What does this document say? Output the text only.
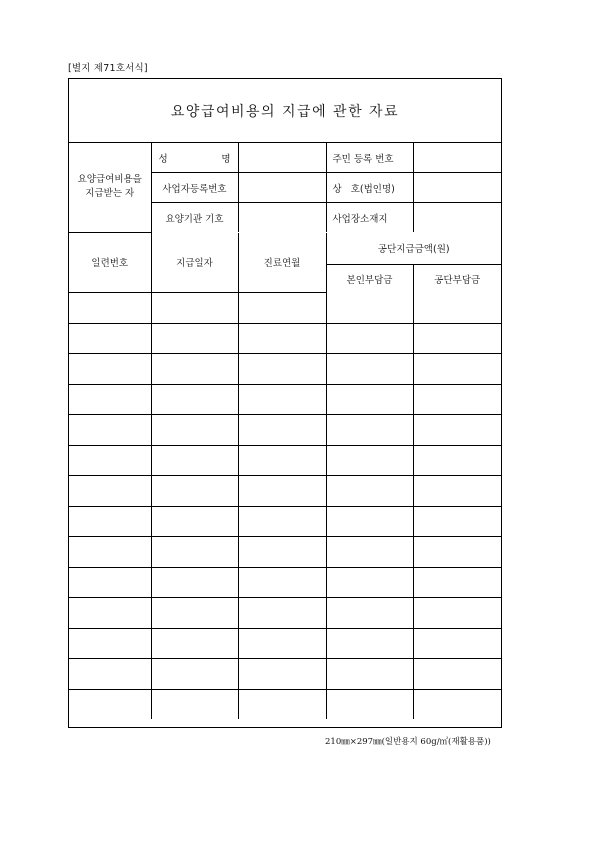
[별지 제71호서식]
요양급여비용의 지급에 관한 자료
요양급여비용을 지급받는 자	성 명		주민 등록 번호	
	사업자등록번호		상 호(법인명)	
	요양기관 기호		사업장소재지	
일련번호	지급일자	진료연월	공단지급금액(원)	
			본인부담금	공단부담금

210㎜×297㎜(일반용지 60g/㎡(재활용품))
